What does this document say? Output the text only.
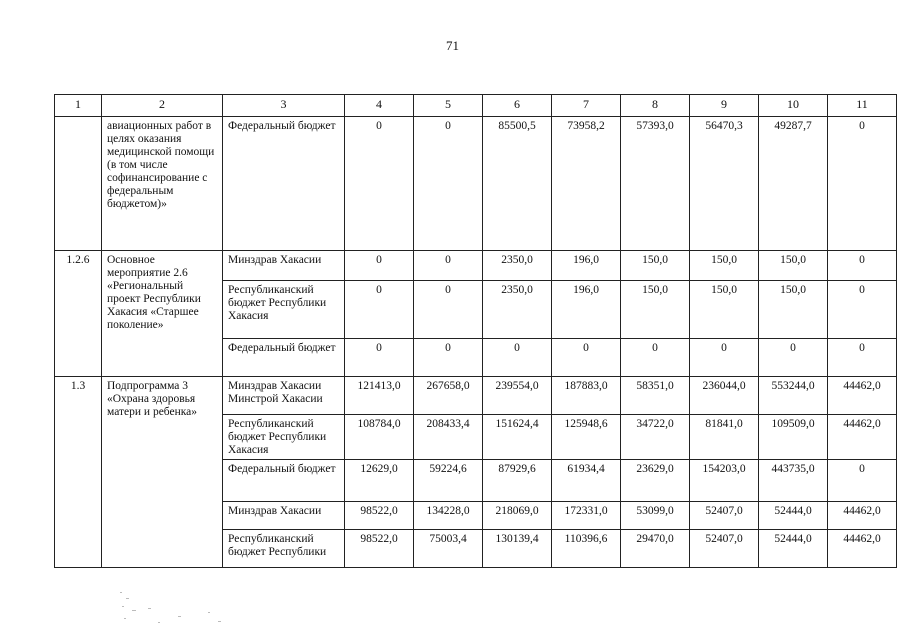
71
1	2	3	4	5	6	7	8	9	10	11
	авиационных работ в целях оказания медицинской помощи (в том числе софинансирование с федеральным бюджетом)»	Федеральный бюджет	0	0	85500,5	73958,2	57393,0	56470,3	49287,7	0
1.2.6	Основное мероприятие 2.6 «Региональный проект Республики Хакасия «Старшее поколение»	Минздрав Хакасии	0	0	2350,0	196,0	150,0	150,0	150,0	0
		Республиканский бюджет Республики Хакасия	0	0	2350,0	196,0	150,0	150,0	150,0	0
		Федеральный бюджет	0	0	0	0	0	0	0	0
1.3	Подпрограмма 3 «Охрана здоровья матери и ребенка»	Минздрав Хакасии Минстрой Хакасии	121413,0	267658,0	239554,0	187883,0	58351,0	236044,0	553244,0	44462,0
		Республиканский бюджет Республики Хакасия	108784,0	208433,4	151624,4	125948,6	34722,0	81841,0	109509,0	44462,0
		Федеральный бюджет	12629,0	59224,6	87929,6	61934,4	23629,0	154203,0	443735,0	0
		Минздрав Хакасии	98522,0	134228,0	218069,0	172331,0	53099,0	52407,0	52444,0	44462,0
		Республиканский бюджет Республики	98522,0	75003,4	130139,4	110396,6	29470,0	52407,0	52444,0	44462,0
